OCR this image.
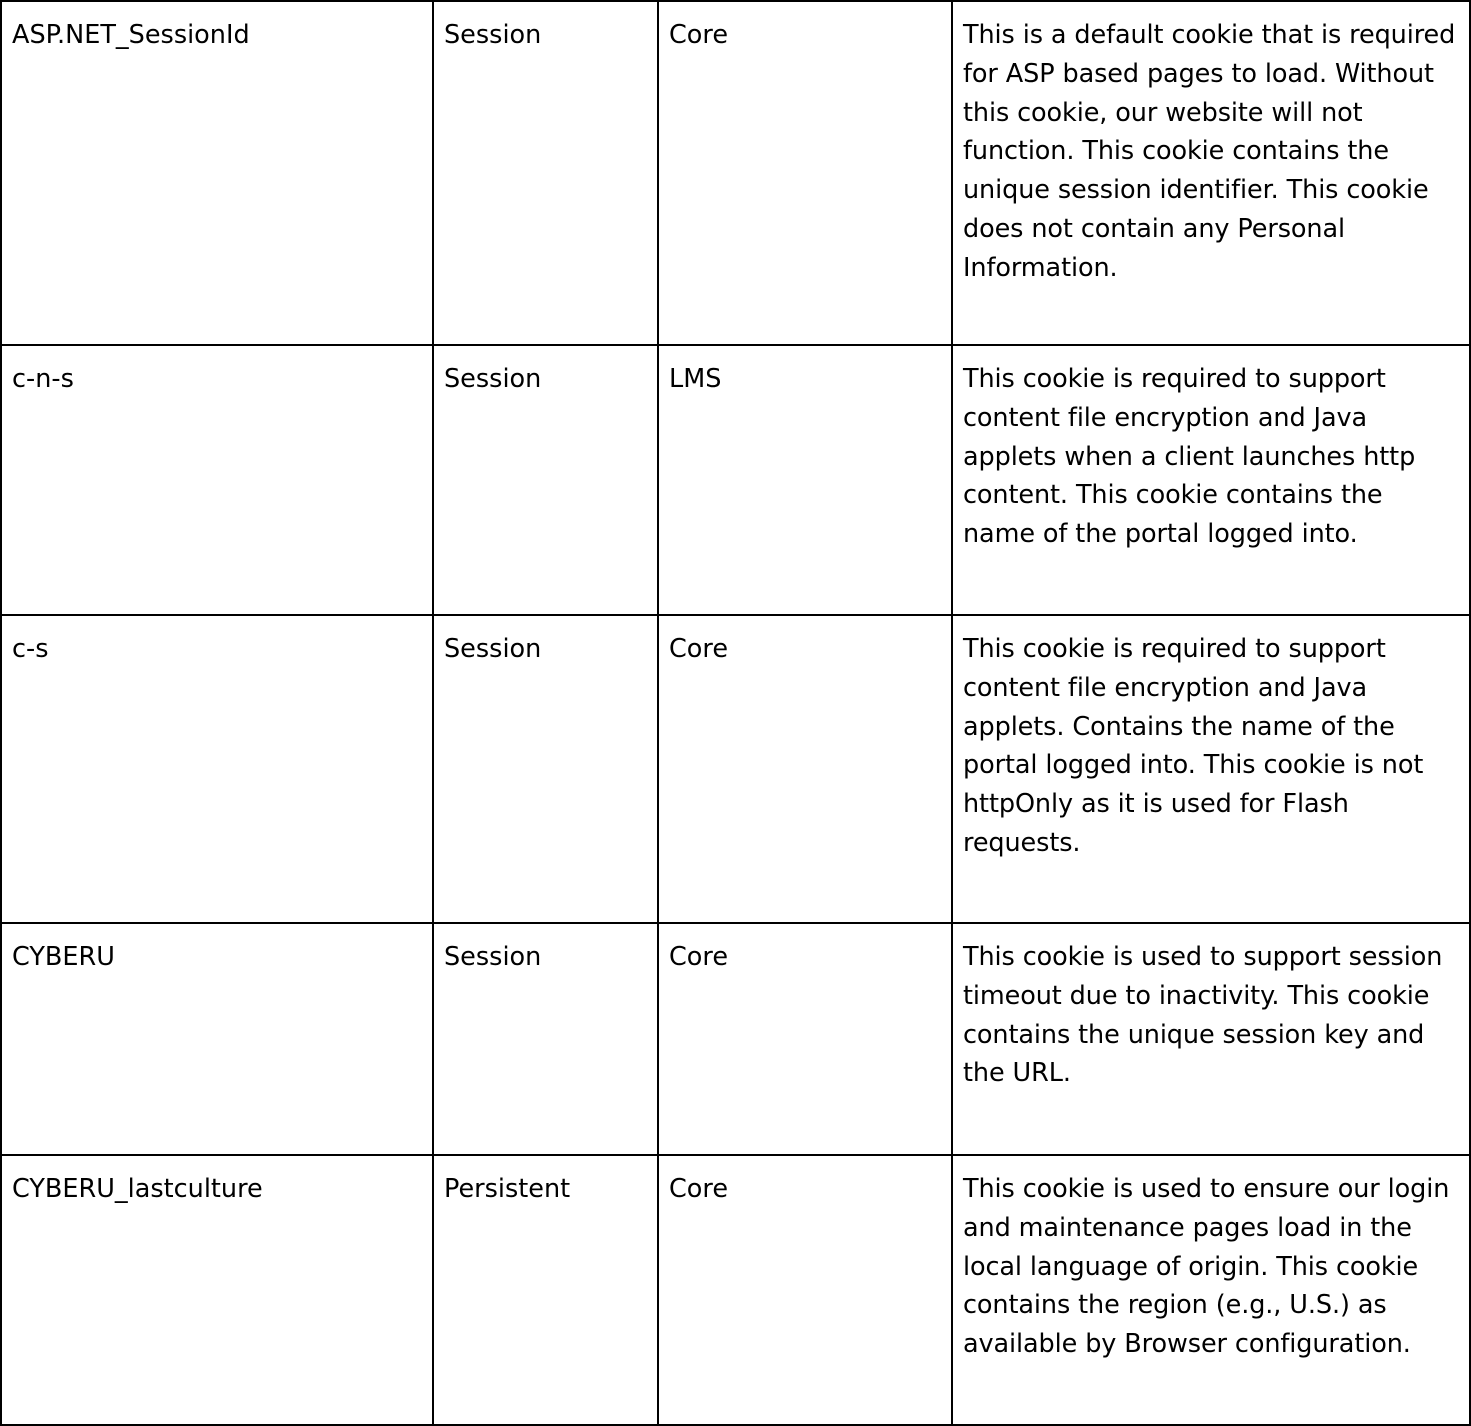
ASP.NET_SessionId	Session	Core	This is a default cookie that is required for ASP based pages to load. Without this cookie, our website will not function. This cookie contains the unique session identifier. This cookie does not contain any Personal Information.
c-n-s	Session	LMS	This cookie is required to support content file encryption and Java applets when a client launches http content. This cookie contains the name of the portal logged into.
c-s	Session	Core	This cookie is required to support content file encryption and Java applets. Contains the name of the portal logged into. This cookie is not httpOnly as it is used for Flash requests.
CYBERU	Session	Core	This cookie is used to support session timeout due to inactivity. This cookie contains the unique session key and the URL.
CYBERU_lastculture	Persistent	Core	This cookie is used to ensure our login and maintenance pages load in the local language of origin. This cookie contains the region (e.g., U.S.) as available by Browser configuration.
